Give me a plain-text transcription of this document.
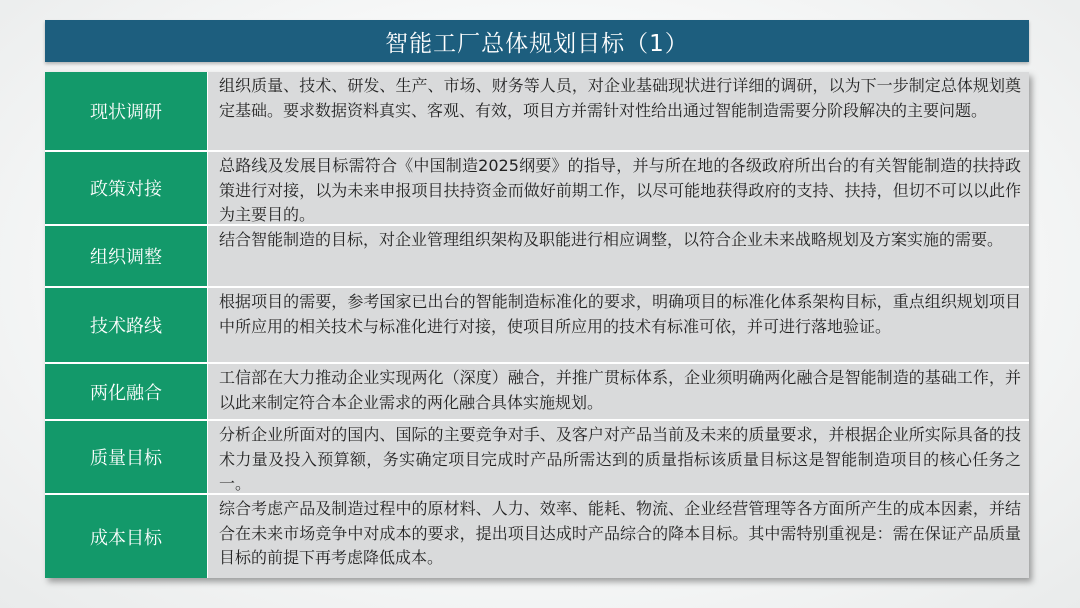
智能工厂总体规划目标（1）
现状调研
组织质量、技术、研发、生产、市场、财务等人员，对企业基础现状进行详细的调研，以为下一步制定总体规划奠定基础。要求数据资料真实、客观、有效，项目方并需针对性给出通过智能制造需要分阶段解决的主要问题。
政策对接
总路线及发展目标需符合《中国制造2025纲要》的指导，并与所在地的各级政府所出台的有关智能制造的扶持政策进行对接，以为未来申报项目扶持资金而做好前期工作，以尽可能地获得政府的支持、扶持，但切不可以以此作为主要目的。
组织调整
结合智能制造的目标，对企业管理组织架构及职能进行相应调整，以符合企业未来战略规划及方案实施的需要。
技术路线
根据项目的需要，参考国家已出台的智能制造标准化的要求，明确项目的标准化体系架构目标，重点组织规划项目中所应用的相关技术与标准化进行对接，使项目所应用的技术有标准可依，并可进行落地验证。
两化融合
工信部在大力推动企业实现两化（深度）融合，并推广贯标体系，企业须明确两化融合是智能制造的基础工作，并以此来制定符合本企业需求的两化融合具体实施规划。
质量目标
分析企业所面对的国内、国际的主要竞争对手、及客户对产品当前及未来的质量要求，并根据企业所实际具备的技术力量及投入预算额，务实确定项目完成时产品所需达到的质量指标该质量目标这是智能制造项目的核心任务之一。
成本目标
综合考虑产品及制造过程中的原材料、人力、效率、能耗、物流、企业经营管理等各方面所产生的成本因素，并结合在未来市场竞争中对成本的要求，提出项目达成时产品综合的降本目标。其中需特别重视是：需在保证产品质量目标的前提下再考虑降低成本。
